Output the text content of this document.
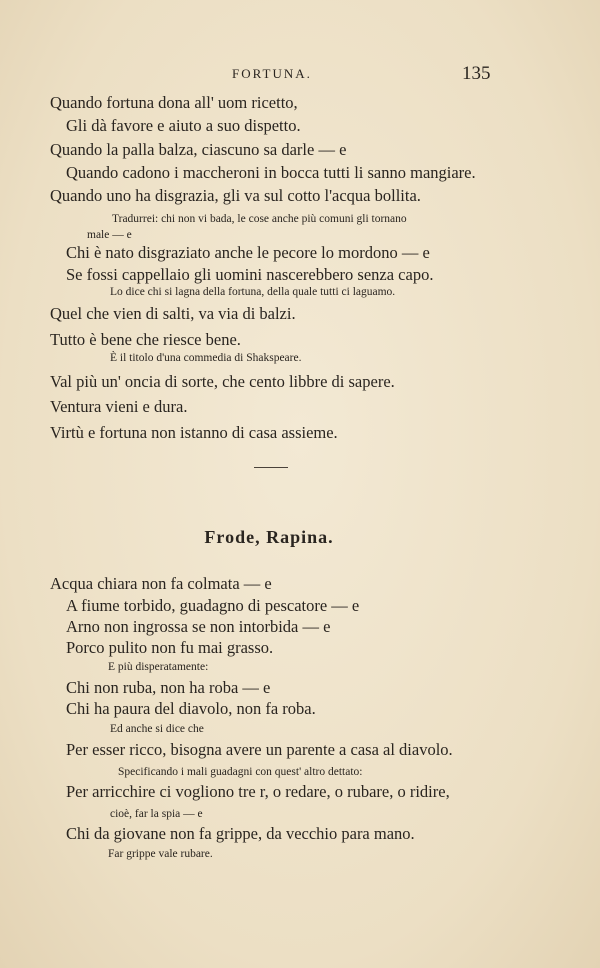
FORTUNA.	135
Quando fortuna dona all' uom ricetto,
Gli dà favore e aiuto a suo dispetto.
Quando la palla balza, ciascuno sa darle — e
Quando cadono i maccheroni in bocca tutti li sanno mangiare.
Quando uno ha disgrazia, gli va sul cotto l'acqua bollita.
Tradurrei: chi non vi bada, le cose anche più comuni gli tornano
male — e
Chi è nato disgraziato anche le pecore lo mordono — e
Se fossi cappellaio gli uomini nascerebbero senza capo.
Lo dice chi si lagna della fortuna, della quale tutti ci laguamo.
Quel che vien di salti, va via di balzi.
Tutto è bene che riesce bene.
È il titolo d'una commedia di Shakspeare.
Val più un' oncia di sorte, che cento libbre di sapere.
Ventura vieni e dura.
Virtù e fortuna non istanno di casa assieme.
Frode, Rapina.
Acqua chiara non fa colmata — e
A fiume torbido, guadagno di pescatore — e
Arno non ingrossa se non intorbida — e
Porco pulito non fu mai grasso.
E più disperatamente:
Chi non ruba, non ha roba — e
Chi ha paura del diavolo, non fa roba.
Ed anche si dice che
Per esser ricco, bisogna avere un parente a casa al diavolo.
Specificando i mali guadagni con quest' altro dettato:
Per arricchire ci vogliono tre r, o redare, o rubare, o ridire,
cioè, far la spia — e
Chi da giovane non fa grippe, da vecchio para mano.
Far grippe vale rubare.
